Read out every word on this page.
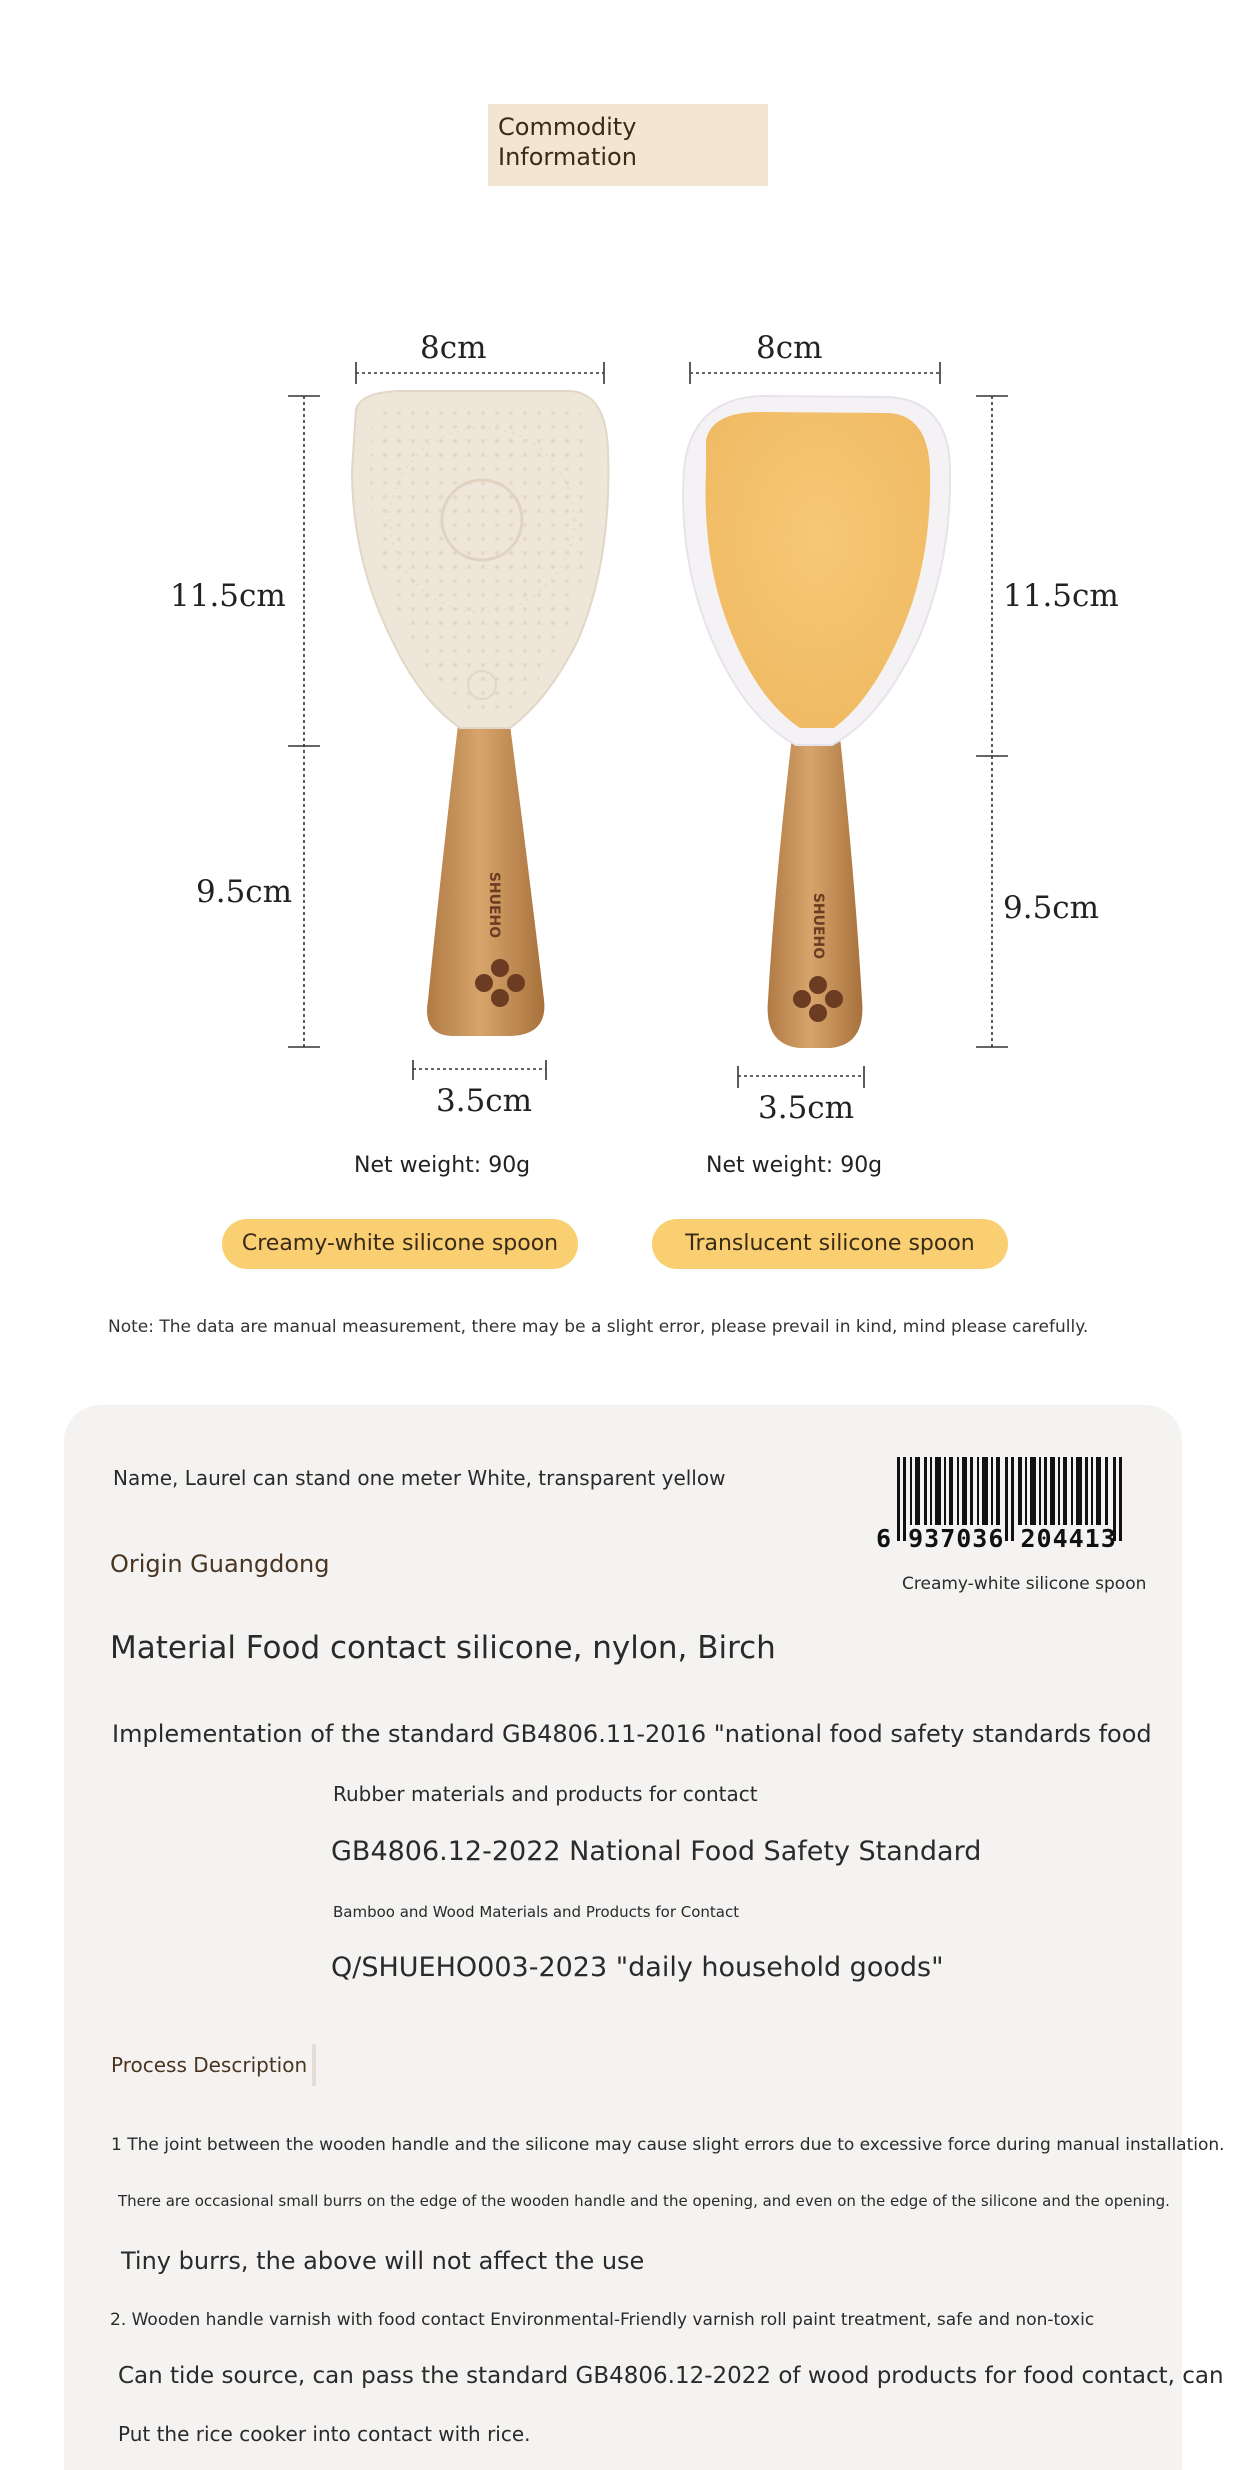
Commodity Information
SHUEHO	SHUEHO
8cm
11.5cm
9.5cm
3.5cm
8cm
11.5cm
9.5cm
3.5cm
Net weight: 90g	Net weight: 90g
Creamy-white silicone spoon	Translucent silicone spoon
Note: The data are manual measurement, there may be a slight error, please prevail in kind, mind please carefully.
Name, Laurel can stand one meter White, transparent yellow
Origin Guangdong
Material Food contact silicone, nylon, Birch
Implementation of the standard GB4806.11-2016 "national food safety standards food
Rubber materials and products for contact
GB4806.12-2022 National Food Safety Standard
Bamboo and Wood Materials and Products for Contact
Q/SHUEHO003-2023 "daily household goods"
6 937036 204413
Creamy-white silicone spoon
Process Description
1 The joint between the wooden handle and the silicone may cause slight errors due to excessive force during manual installation.
There are occasional small burrs on the edge of the wooden handle and the opening, and even on the edge of the silicone and the opening.
Tiny burrs, the above will not affect the use
2. Wooden handle varnish with food contact Environmental-Friendly varnish roll paint treatment, safe and non-toxic
Can tide source, can pass the standard GB4806.12-2022 of wood products for food contact, can
Put the rice cooker into contact with rice.
